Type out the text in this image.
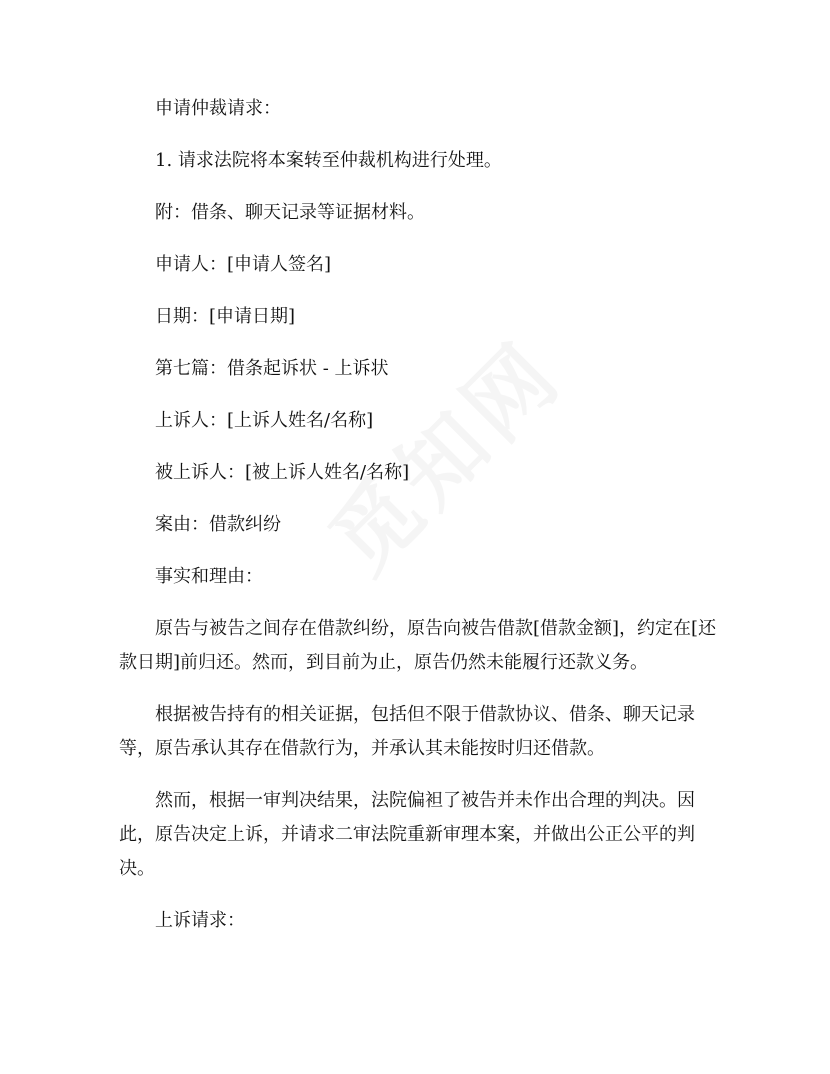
申请仲裁请求：

1. 请求法院将本案转至仲裁机构进行处理。

附：借条、聊天记录等证据材料。

申请人：[申请人签名]

日期：[申请日期]

第七篇：借条起诉状 - 上诉状

上诉人：[上诉人姓名/名称]

被上诉人：[被上诉人姓名/名称]

案由：借款纠纷

事实和理由：

原告与被告之间存在借款纠纷，原告向被告借款[借款金额]，约定在[还款日期]前归还。然而，到目前为止，原告仍然未能履行还款义务。

根据被告持有的相关证据，包括但不限于借款协议、借条、聊天记录等，原告承认其存在借款行为，并承认其未能按时归还借款。

然而，根据一审判决结果，法院偏袒了被告并未作出合理的判决。因此，原告决定上诉，并请求二审法院重新审理本案，并做出公正公平的判决。

上诉请求：
